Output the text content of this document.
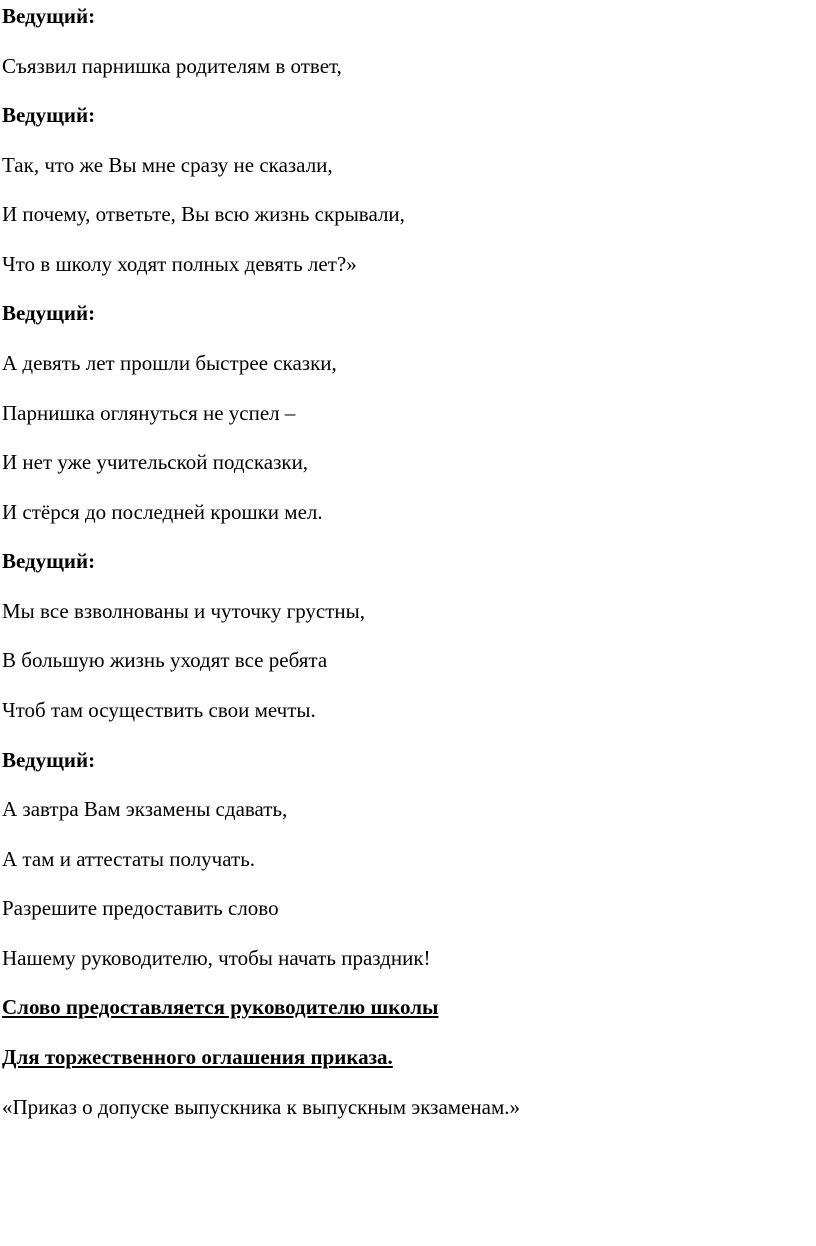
Ведущий:

Съязвил парнишка родителям в ответ,

Ведущий:

Так, что же Вы мне сразу не сказали,

И почему, ответьте, Вы всю жизнь скрывали,

Что в школу ходят полных девять лет?»

Ведущий:

А девять лет прошли быстрее сказки,

Парнишка оглянуться не успел –

И нет уже учительской подсказки,

И стёрся до последней крошки мел.

Ведущий:

Мы все взволнованы и чуточку грустны,

В большую жизнь уходят все ребята

Чтоб там осуществить свои мечты.

Ведущий:

А завтра Вам экзамены сдавать,

А там и аттестаты получать.

Разрешите предоставить слово

Нашему руководителю, чтобы начать праздник!

Слово предоставляется руководителю школы

Для торжественного оглашения приказа.

«Приказ о допуске выпускника к выпускным экзаменам.»
